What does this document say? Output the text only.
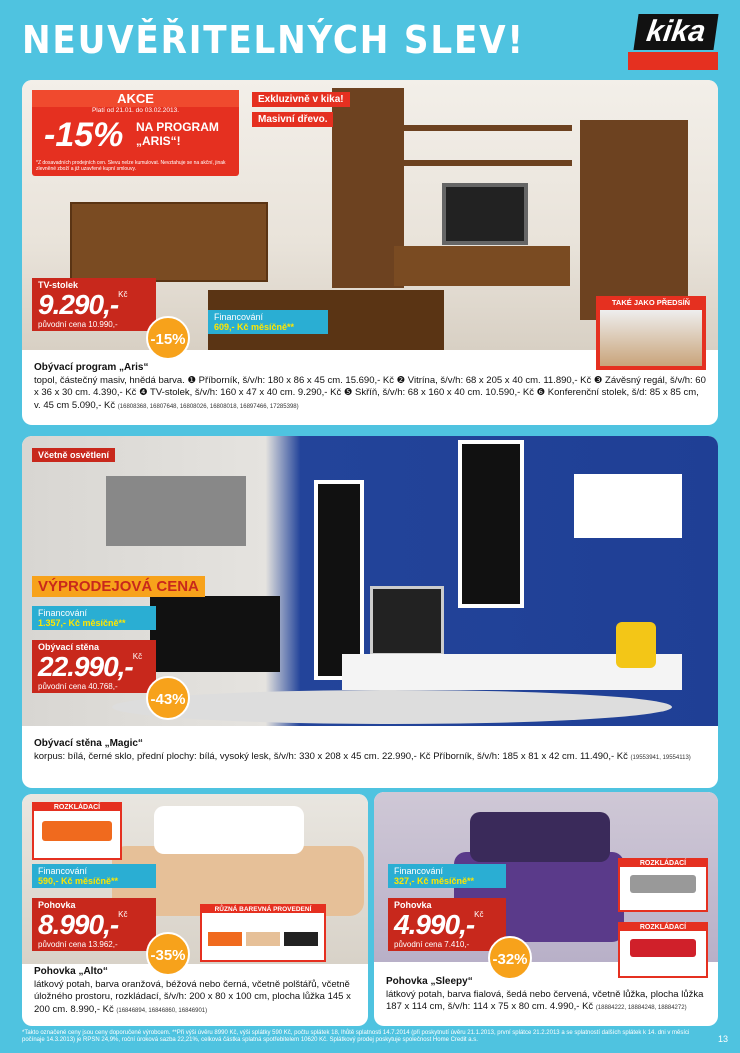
NEUVĚŘITELNÝCH SLEV!	kika
AKCE
Platí od 21.01. do 03.02.2013.
-15% NA PROGRAM „ARIS“!
*Z dosavadních prodejních cen. Slevu nelze kumulovat. Nevztahuje se na akční, jinak zlevněné zboží a již uzavřené kupní smlouvy.
Exkluzivně v kika!
Masivní dřevo.
TV-stolek
9.290,-$^{Kč}$
původní cena 10.990,-
Financování
609,- Kč měsíčně**
-15%
TAKÉ JAKO PŘEDSÍŇ
Obývací program „Aris“
topol, částečný masiv, hnědá barva. ❶ Příborník, š/v/h: 180 x 86 x 45 cm. 15.690,- Kč ❷ Vitrína, š/v/h: 68 x 205 x 40 cm. 11.890,- Kč ❸ Závěsný regál, š/v/h: 60 x 36 x 30 cm. 4.390,- Kč ❹ TV-stolek, š/v/h: 160 x 47 x 40 cm. 9.290,- Kč ❺ Skříň, š/v/h: 68 x 160 x 40 cm. 10.590,- Kč ❻ Konferenční stolek, š/d: 85 x 85 cm, v. 45 cm 5.090,- Kč (16808368, 16807648, 16808026, 16808018, 16897466, 17285398)
Včetně osvětlení
VÝPRODEJOVÁ CENA
Financování
1.357,- Kč měsíčně**
Obývací stěna
22.990,-$^{Kč}$
původní cena 40.768,-
-43%
Obývací stěna „Magic“
korpus: bílá, černé sklo, přední plochy: bílá, vysoký lesk, š/v/h: 330 x 208 x 45 cm. 22.990,- Kč Příborník, š/v/h: 185 x 81 x 42 cm. 11.490,- Kč (19553941, 19554113)
ROZKLÁDACÍ
Financování
590,- Kč měsíčně**
Pohovka
8.990,-$^{Kč}$
původní cena 13.962,-
-35%
RŮZNÁ BAREVNÁ PROVEDENÍ
Pohovka „Alto“
látkový potah, barva oranžová, béžová nebo černá, včetně polštářů, včetně úložného prostoru, rozkládací, š/v/h: 200 x 80 x 100 cm, plocha lůžka 145 x 200 cm. 8.990,- Kč (16846894, 16846860, 16846901)
Financování
327,- Kč měsíčně**
Pohovka
4.990,-$^{Kč}$
původní cena 7.410,-
-32%
ROZKLÁDACÍ
ROZKLÁDACÍ
Pohovka „Sleepy“
látkový potah, barva fialová, šedá nebo červená, včetně lůžka, plocha lůžka 187 x 114 cm, š/v/h: 114 x 75 x 80 cm. 4.990,- Kč (18884222, 18884248, 18884272)
*Takto označené ceny jsou ceny doporučené výrobcem. **Při výši úvěru 8990 Kč, výši splátky 590 Kč, počtu splátek 18, lhůtě splatnosti 14.7.2014 (při poskytnutí úvěru 21.1.2013, první splátce 21.2.2013 a se splatností dalších splátek k 14. dni v měsíci počínaje 14.3.2013) je RPSN 24,9%, roční úroková sazba 22,21%, celková částka splatná spotřebitelem 10620 Kč. Splátkový prodej poskytuje společnost Home Credit a.s.	13
